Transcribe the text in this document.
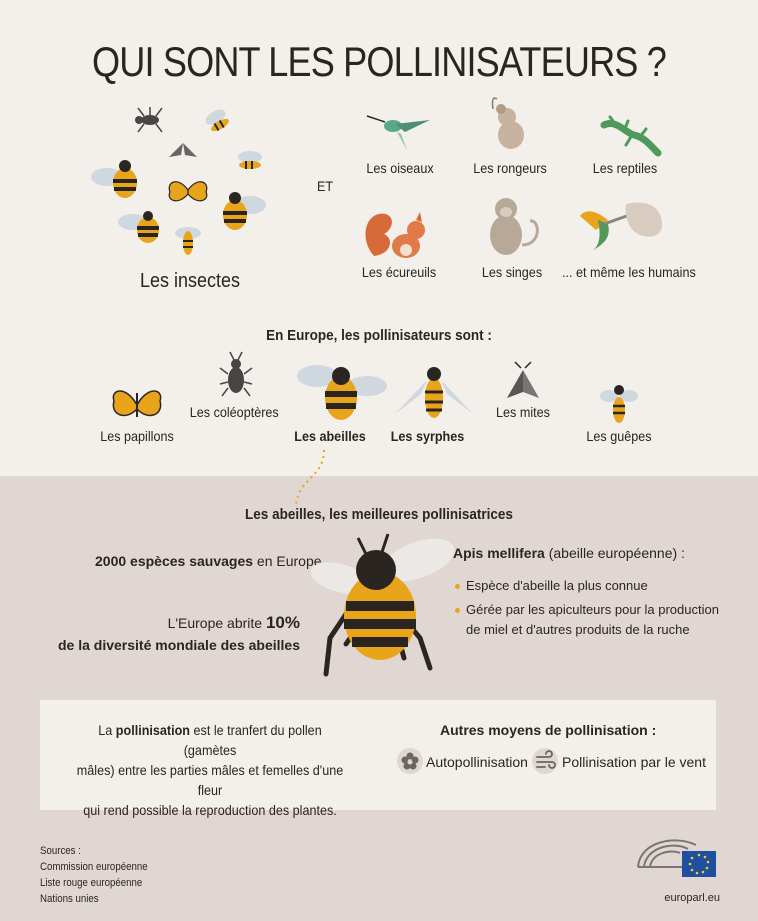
QUI SONT LES POLLINISATEURS ?
Les insectes
ET
Les oiseaux	Les rongeurs	Les reptiles
Les écureuils	Les singes	... et même les humains
En Europe, les pollinisateurs sont :
Les papillons
Les coléoptères
Les abeilles	Les syrphes
Les mites
Les guêpes
Les abeilles, les meilleures pollinisatrices
2000 espèces sauvages en Europe
L'Europe abrite 10%
de la diversité mondiale des abeilles
Apis mellifera (abeille européenne) :
Espèce d'abeille la plus connue
Gérée par les apiculteurs pour la production
de miel et d'autres produits de la ruche
La pollinisation est le tranfert du pollen (gamètes
mâles) entre les parties mâles et femelles d'une fleur
qui rend possible la reproduction des plantes.
Autres moyens de pollinisation :
Autopollinisation Pollinisation par le vent
Sources :
Commission européenne
Liste rouge européenne
Nations unies	europarl.eu
